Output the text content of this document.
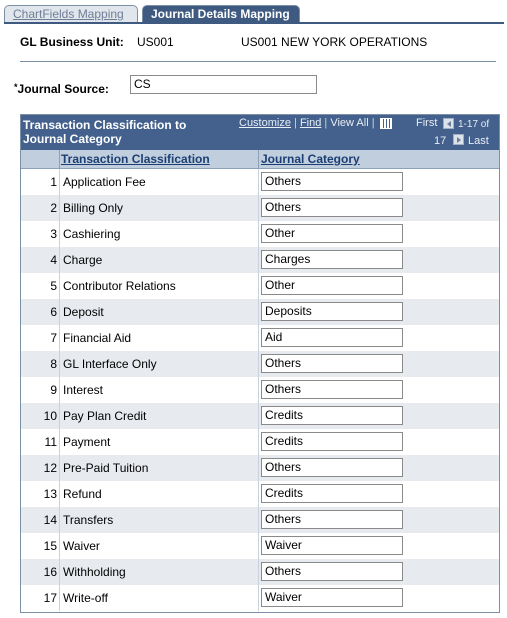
ChartFields Mapping	Journal Details Mapping
GL Business Unit: US001	US001 NEW YORK OPERATIONS
*Journal Source:	CS
Transaction Classification to Journal Category
Customize | Find | View All |	First 1-17 of
17 Last
Transaction Classification	Journal Category
1 Application Fee	Others
2 Billing Only	Others
3 Cashiering	Other
4 Charge	Charges
5 Contributor Relations	Other
6 Deposit	Deposits
7 Financial Aid	Aid
8 GL Interface Only	Others
9 Interest	Others
10 Pay Plan Credit	Credits
11 Payment	Credits
12 Pre-Paid Tuition	Others
13 Refund	Credits
14 Transfers	Others
15 Waiver	Waiver
16 Withholding	Others
17 Write-off	Waiver
